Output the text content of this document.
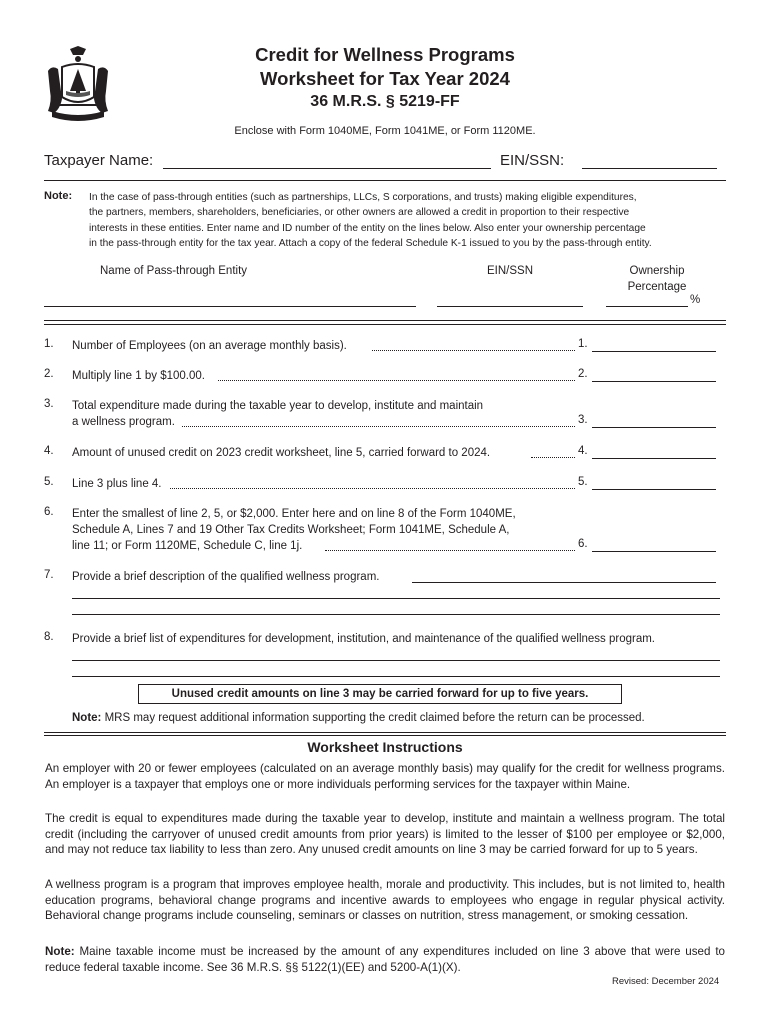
Credit for Wellness Programs
Worksheet for Tax Year 2024
36 M.R.S. § 5219-FF
Enclose with Form 1040ME, Form 1041ME, or Form 1120ME.
Taxpayer Name:	EIN/SSN:
Note: In the case of pass-through entities (such as partnerships, LLCs, S corporations, and trusts) making eligible expenditures,
the partners, members, shareholders, beneficiaries, or other owners are allowed a credit in proportion to their respective
interests in these entities. Enter name and ID number of the entity on the lines below. Also enter your ownership percentage
in the pass-through entity for the tax year. Attach a copy of the federal Schedule K-1 issued to you by the pass-through entity.
Name of Pass-through Entity	EIN/SSN	Ownership
Percentage
%
1. Number of Employees (on an average monthly basis).	1.
2. Multiply line 1 by $100.00.	2.
3. Total expenditure made during the taxable year to develop, institute and maintain
a wellness program.	3.
4. Amount of unused credit on 2023 credit worksheet, line 5, carried forward to 2024.	4.
5. Line 3 plus line 4.	5.
6. Enter the smallest of line 2, 5, or $2,000. Enter here and on line 8 of the Form 1040ME,
Schedule A, Lines 7 and 19 Other Tax Credits Worksheet; Form 1041ME, Schedule A,
line 11; or Form 1120ME, Schedule C, line 1j.	6.
7. Provide a brief description of the qualified wellness program.
8. Provide a brief list of expenditures for development, institution, and maintenance of the qualified wellness program.
Unused credit amounts on line 3 may be carried forward for up to five years.
Note: MRS may request additional information supporting the credit claimed before the return can be processed.
Worksheet Instructions
An employer with 20 or fewer employees (calculated on an average monthly basis) may qualify for the credit for wellness programs. An employer is a taxpayer that employs one or more individuals performing services for the taxpayer within Maine.
The credit is equal to expenditures made during the taxable year to develop, institute and maintain a wellness program. The total credit (including the carryover of unused credit amounts from prior years) is limited to the lesser of $100 per employee or $2,000, and may not reduce tax liability to less than zero. Any unused credit amounts on line 3 may be carried forward for up to 5 years.
A wellness program is a program that improves employee health, morale and productivity. This includes, but is not limited to, health education programs, behavioral change programs and incentive awards to employees who engage in regular physical activity. Behavioral change programs include counseling, seminars or classes on nutrition, stress management, or smoking cessation.
Note: Maine taxable income must be increased by the amount of any expenditures included on line 3 above that were used to reduce federal taxable income. See 36 M.R.S. §§ 5122(1)(EE) and 5200-A(1)(X).
Revised: December 2024
